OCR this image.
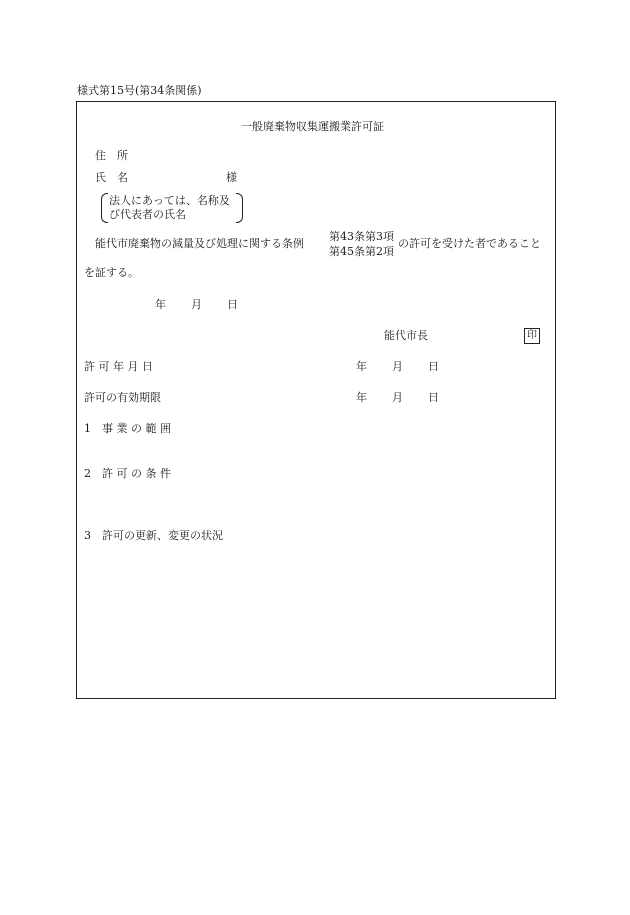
様式第15号(第34条関係)
一般廃棄物収集運搬業許可証
住　所
氏　名	様
法人にあっては、名称及
び代表者の氏名
能代市廃棄物の減量及び処理に関する条例
第43条第3項
第45条第2項
の許可を受けた者であること
を証する。
年 月 日
能代市長	印
許 可 年 月 日	年 月 日
許可の有効期限	年 月 日
1　事 業 の 範 囲
2　許 可 の 条 件
3　許可の更新、変更の状況
